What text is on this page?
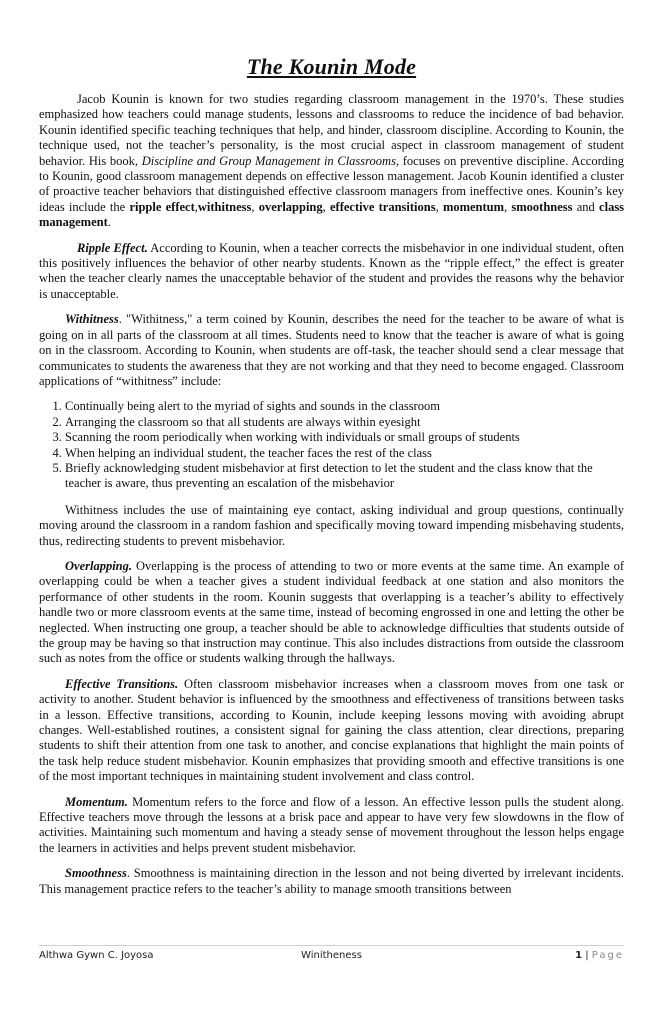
The Kounin Mode

Jacob Kounin is known for two studies regarding classroom management in the 1970’s. These studies emphasized how teachers could manage students, lessons and classrooms to reduce the incidence of bad behavior. Kounin identified specific teaching techniques that help, and hinder, classroom discipline. According to Kounin, the technique used, not the teacher’s personality, is the most crucial aspect in classroom management of student behavior. His book, Discipline and Group Management in Classrooms, focuses on preventive discipline. According to Kounin, good classroom management depends on effective lesson management. Jacob Kounin identified a cluster of proactive teacher behaviors that distinguished effective classroom managers from ineffective ones. Kounin’s key ideas include the ripple effect,withitness, overlapping, effective transitions, momentum, smoothness and class management.

Ripple Effect. According to Kounin, when a teacher corrects the misbehavior in one individual student, often this positively influences the behavior of other nearby students. Known as the “ripple effect,” the effect is greater when the teacher clearly names the unacceptable behavior of the student and provides the reasons why the behavior is unacceptable.

Withitness. "Withitness," a term coined by Kounin, describes the need for the teacher to be aware of what is going on in all parts of the classroom at all times. Students need to know that the teacher is aware of what is going on in the classroom. According to Kounin, when students are off-task, the teacher should send a clear message that communicates to students the awareness that they are not working and that they need to become engaged. Classroom applications of “withitness” include:

1. Continually being alert to the myriad of sights and sounds in the classroom
2. Arranging the classroom so that all students are always within eyesight
3. Scanning the room periodically when working with individuals or small groups of students
4. When helping an individual student, the teacher faces the rest of the class
5. Briefly acknowledging student misbehavior at first detection to let the student and the class know that the teacher is aware, thus preventing an escalation of the misbehavior

Withitness includes the use of maintaining eye contact, asking individual and group questions, continually moving around the classroom in a random fashion and specifically moving toward impending misbehaving students, thus, redirecting students to prevent misbehavior.

Overlapping. Overlapping is the process of attending to two or more events at the same time. An example of overlapping could be when a teacher gives a student individual feedback at one station and also monitors the performance of other students in the room. Kounin suggests that overlapping is a teacher’s ability to effectively handle two or more classroom events at the same time, instead of becoming engrossed in one and letting the other be neglected. When instructing one group, a teacher should be able to acknowledge difficulties that students outside of the group may be having so that instruction may continue. This also includes distractions from outside the classroom such as notes from the office or students walking through the hallways.

Effective Transitions. Often classroom misbehavior increases when a classroom moves from one task or activity to another. Student behavior is influenced by the smoothness and effectiveness of transitions between tasks in a lesson. Effective transitions, according to Kounin, include keeping lessons moving with avoiding abrupt changes. Well-established routines, a consistent signal for gaining the class attention, clear directions, preparing students to shift their attention from one task to another, and concise explanations that highlight the main points of the task help reduce student misbehavior. Kounin emphasizes that providing smooth and effective transitions is one of the most important techniques in maintaining student involvement and class control.

Momentum. Momentum refers to the force and flow of a lesson. An effective lesson pulls the student along. Effective teachers move through the lessons at a brisk pace and appear to have very few slowdowns in the flow of activities. Maintaining such momentum and having a steady sense of movement throughout the lesson helps engage the learners in activities and helps prevent student misbehavior.

Smoothness. Smoothness is maintaining direction in the lesson and not being diverted by irrelevant incidents. This management practice refers to the teacher’s ability to manage smooth transitions between

Althwa Gywn C. Joyosa	Winitheness	1 | Page
